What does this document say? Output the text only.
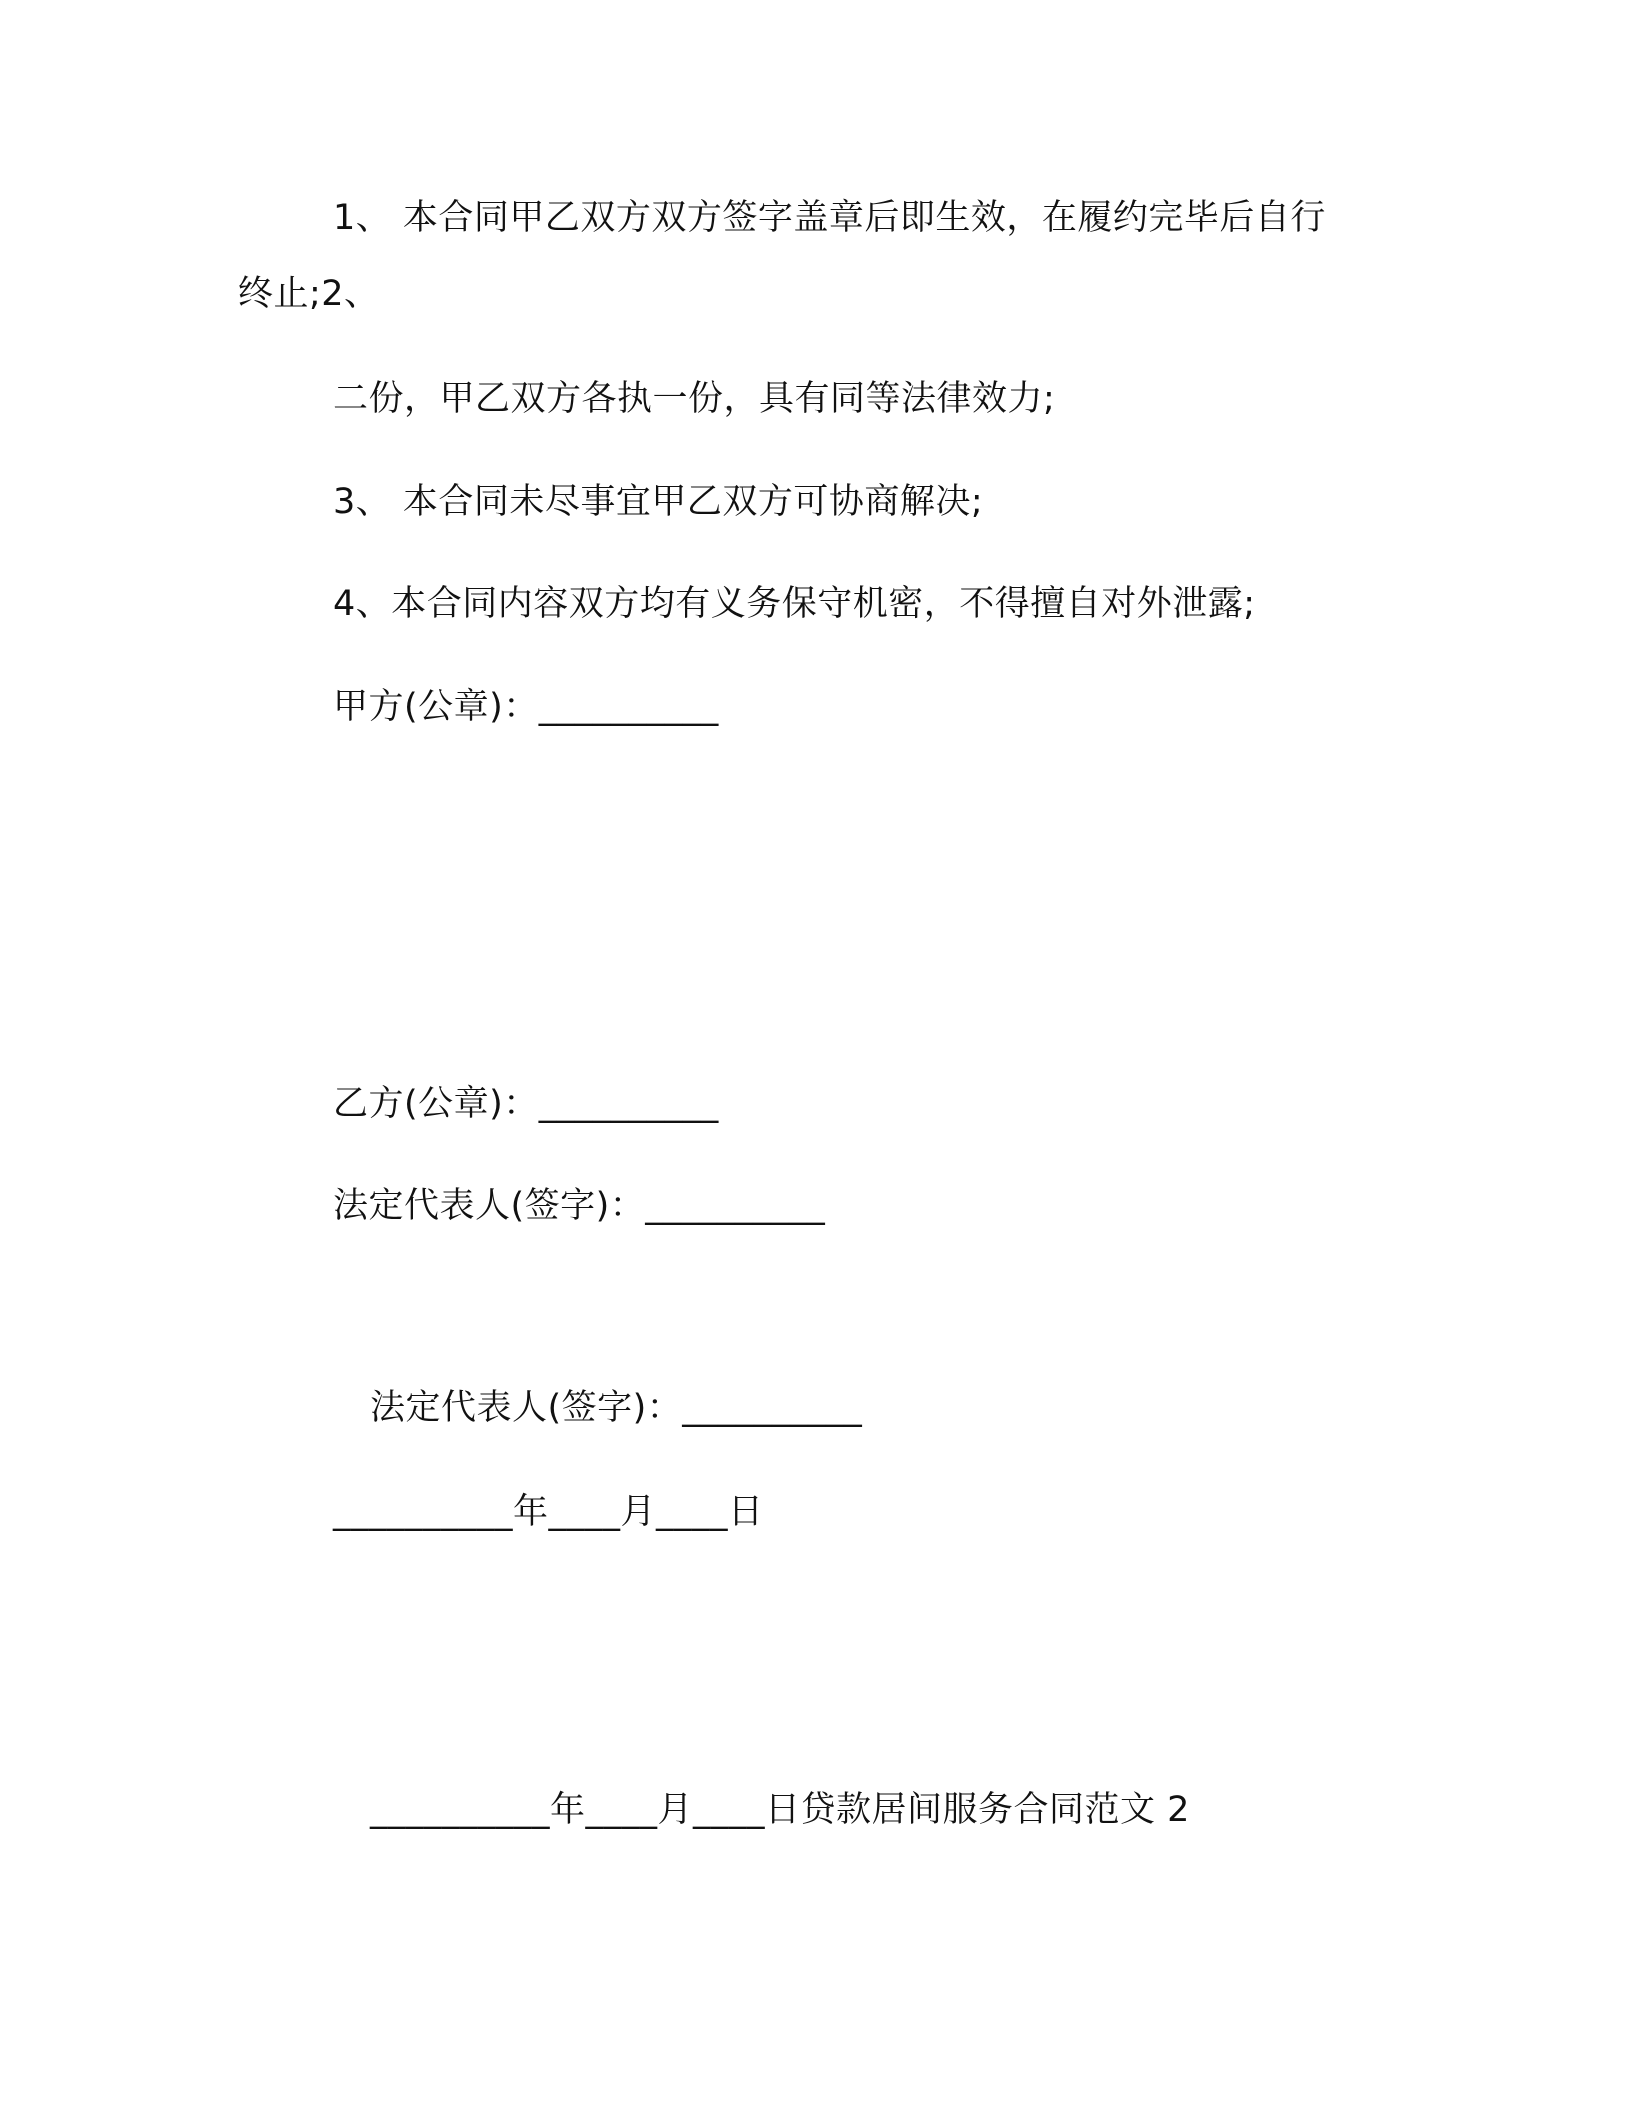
1、 本合同甲乙双方双方签字盖章后即生效，在履约完毕后自行
终止;2、
二份，甲乙双方各执一份，具有同等法律效力;
3、 本合同未尽事宜甲乙双方可协商解决;
4、本合同内容双方均有义务保守机密，不得擅自对外泄露;
甲方(公章)：__________
乙方(公章)：__________
法定代表人(签字)：__________
法定代表人(签字)：__________
__________年____月____日
__________年____月____日贷款居间服务合同范文 2
